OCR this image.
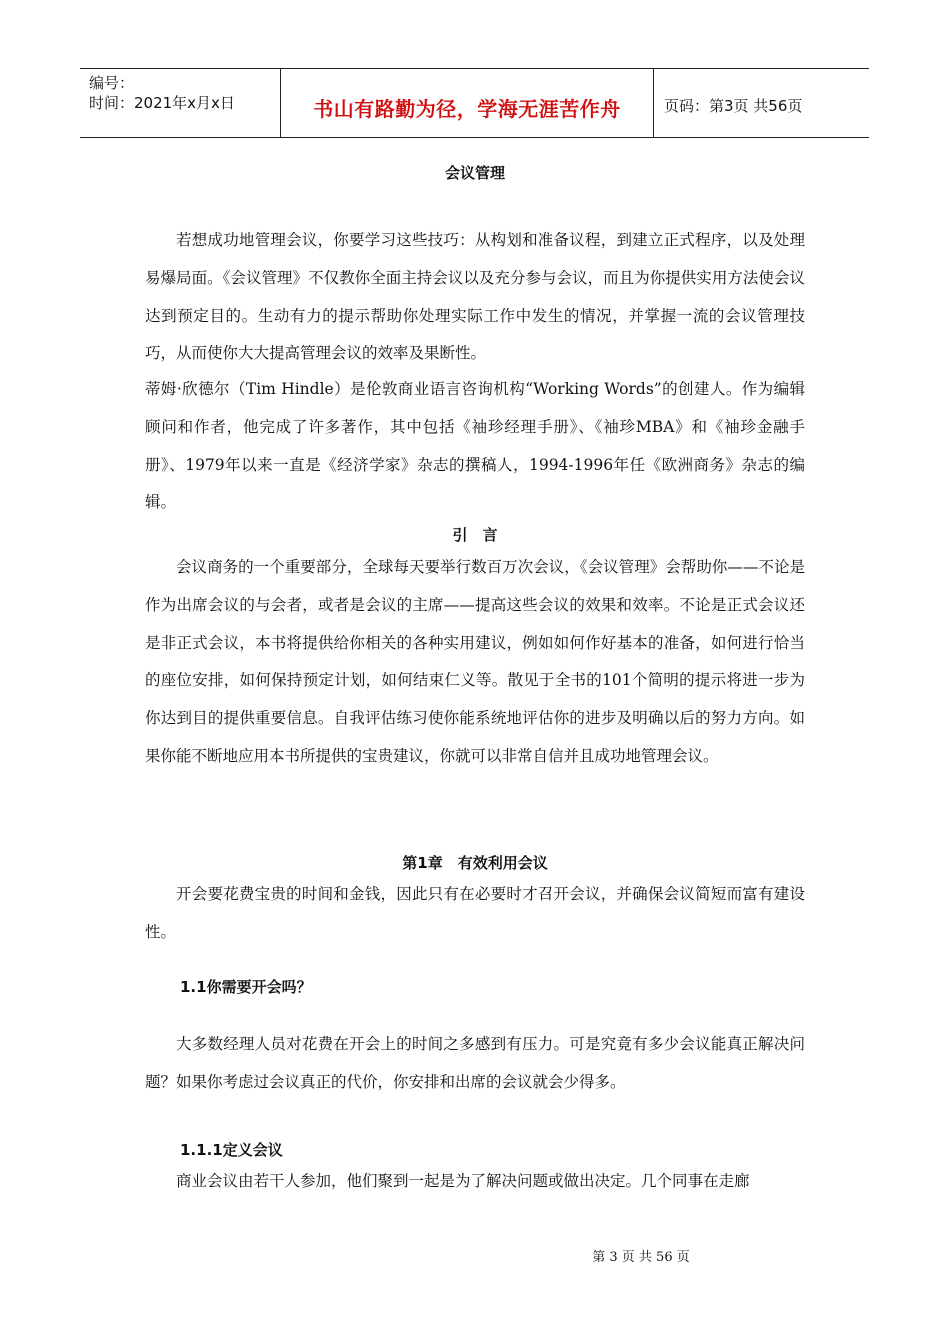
编号：
时间：2021年x月x日	书山有路勤为径，学海无涯苦作舟	页码：第3页 共56页
会议管理
若想成功地管理会议，你要学习这些技巧：从构划和准备议程，到建立正式程序，以及处理易爆局面。《会议管理》不仅教你全面主持会议以及充分参与会议，而且为你提供实用方法使会议达到预定目的。生动有力的提示帮助你处理实际工作中发生的情况，并掌握一流的会议管理技巧，从而使你大大提高管理会议的效率及果断性。
蒂姆·欣德尔（Tim Hindle）是伦敦商业语言咨询机构“Working Words”的创建人。作为编辑顾问和作者，他完成了许多著作，其中包括《袖珍经理手册》、《袖珍MBA》和《袖珍金融手册》、1979年以来一直是《经济学家》杂志的撰稿人，1994-1996年任《欧洲商务》杂志的编辑。
引　言
会议商务的一个重要部分，全球每天要举行数百万次会议，《会议管理》会帮助你——不论是作为出席会议的与会者，或者是会议的主席——提高这些会议的效果和效率。不论是正式会议还是非正式会议，本书将提供给你相关的各种实用建议，例如如何作好基本的准备，如何进行恰当的座位安排，如何保持预定计划，如何结束仁义等。散见于全书的101个简明的提示将进一步为你达到目的提供重要信息。自我评估练习使你能系统地评估你的进步及明确以后的努力方向。如果你能不断地应用本书所提供的宝贵建议，你就可以非常自信并且成功地管理会议。
第1章　有效利用会议
开会要花费宝贵的时间和金钱，因此只有在必要时才召开会议，并确保会议简短而富有建设性。
1.1你需要开会吗？
大多数经理人员对花费在开会上的时间之多感到有压力。可是究竟有多少会议能真正解决问题？如果你考虑过会议真正的代价，你安排和出席的会议就会少得多。
1.1.1定义会议
商业会议由若干人参加，他们聚到一起是为了解决问题或做出决定。几个同事在走廊
第 3 页 共 56 页
